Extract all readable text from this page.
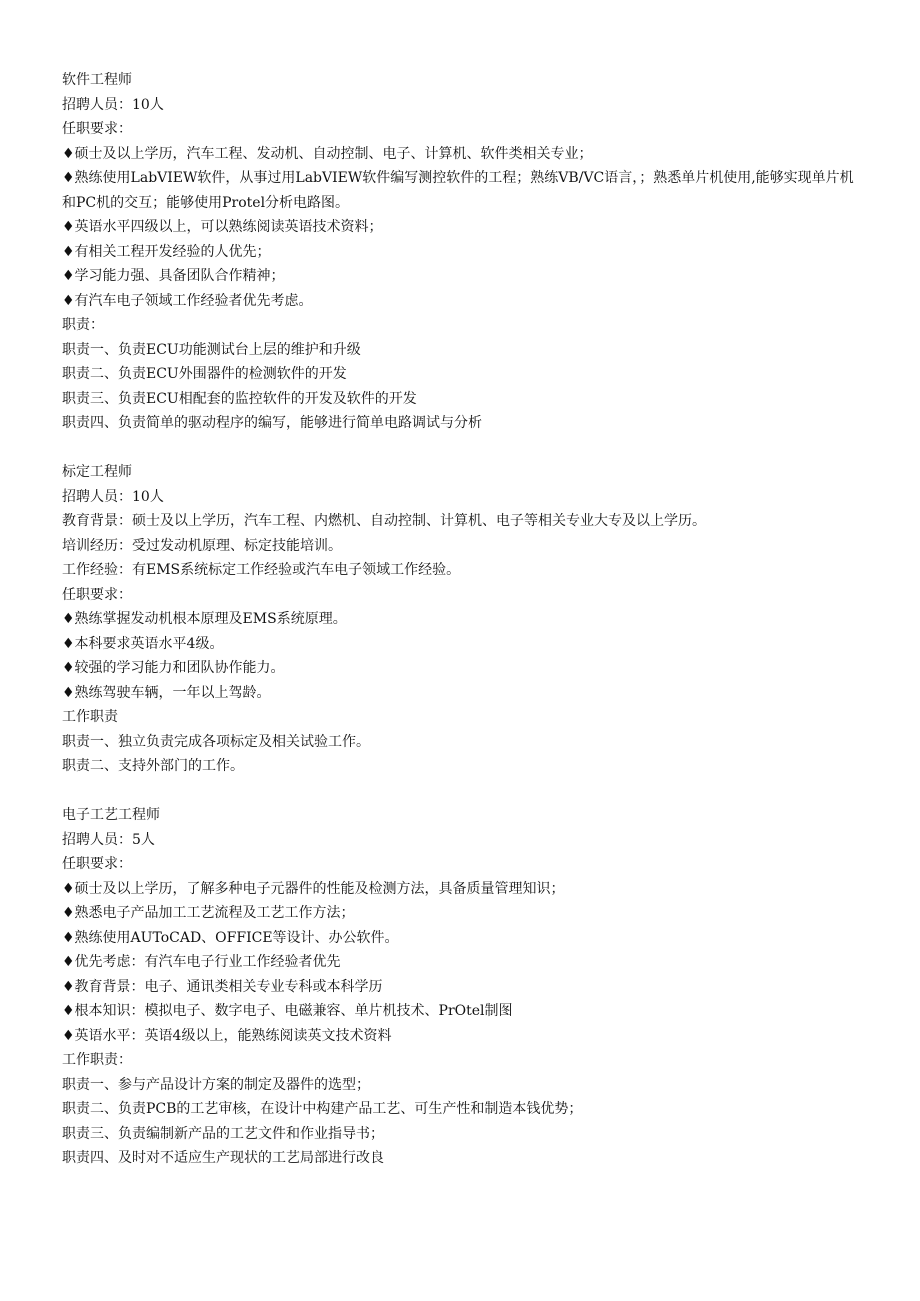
软件工程师
招聘人员：10人
任职要求：
♦硕士及以上学历，汽车工程、发动机、自动控制、电子、计算机、软件类相关专业；
♦熟练使用LabVIEW软件，从事过用LabVIEW软件编写测控软件的工程；熟练VB/VC语言，；熟悉单片机使用,能够实现单片机和PC机的交互；能够使用Protel分析电路图。
♦英语水平四级以上，可以熟练阅读英语技术资料；
♦有相关工程开发经验的人优先；
♦学习能力强、具备团队合作精神；
♦有汽车电子领域工作经验者优先考虑。
职责：
职责一、负责ECU功能测试台上层的维护和升级
职责二、负责ECU外围器件的检测软件的开发
职责三、负责ECU相配套的监控软件的开发及软件的开发
职责四、负责简单的驱动程序的编写，能够进行简单电路调试与分析
标定工程师
招聘人员：10人
教育背景：硕士及以上学历，汽车工程、内燃机、自动控制、计算机、电子等相关专业大专及以上学历。
培训经历：受过发动机原理、标定技能培训。
工作经验：有EMS系统标定工作经验或汽车电子领域工作经验。
任职要求：
♦熟练掌握发动机根本原理及EMS系统原理。
♦本科要求英语水平4级。
♦较强的学习能力和团队协作能力。
♦熟练驾驶车辆，一年以上驾龄。
工作职责
职责一、独立负责完成各项标定及相关试验工作。
职责二、支持外部门的工作。
电子工艺工程师
招聘人员：5人
任职要求：
♦硕士及以上学历，了解多种电子元器件的性能及检测方法，具备质量管理知识；
♦熟悉电子产品加工工艺流程及工艺工作方法；
♦熟练使用AUToCAD、OFFICE等设计、办公软件。
♦优先考虑：有汽车电子行业工作经验者优先
♦教育背景：电子、通讯类相关专业专科或本科学历
♦根本知识：模拟电子、数字电子、电磁兼容、单片机技术、PrOtel制图
♦英语水平：英语4级以上，能熟练阅读英文技术资料
工作职责：
职责一、参与产品设计方案的制定及器件的选型；
职责二、负责PCB的工艺审核，在设计中构建产品工艺、可生产性和制造本钱优势；
职责三、负责编制新产品的工艺文件和作业指导书；
职责四、及时对不适应生产现状的工艺局部进行改良
